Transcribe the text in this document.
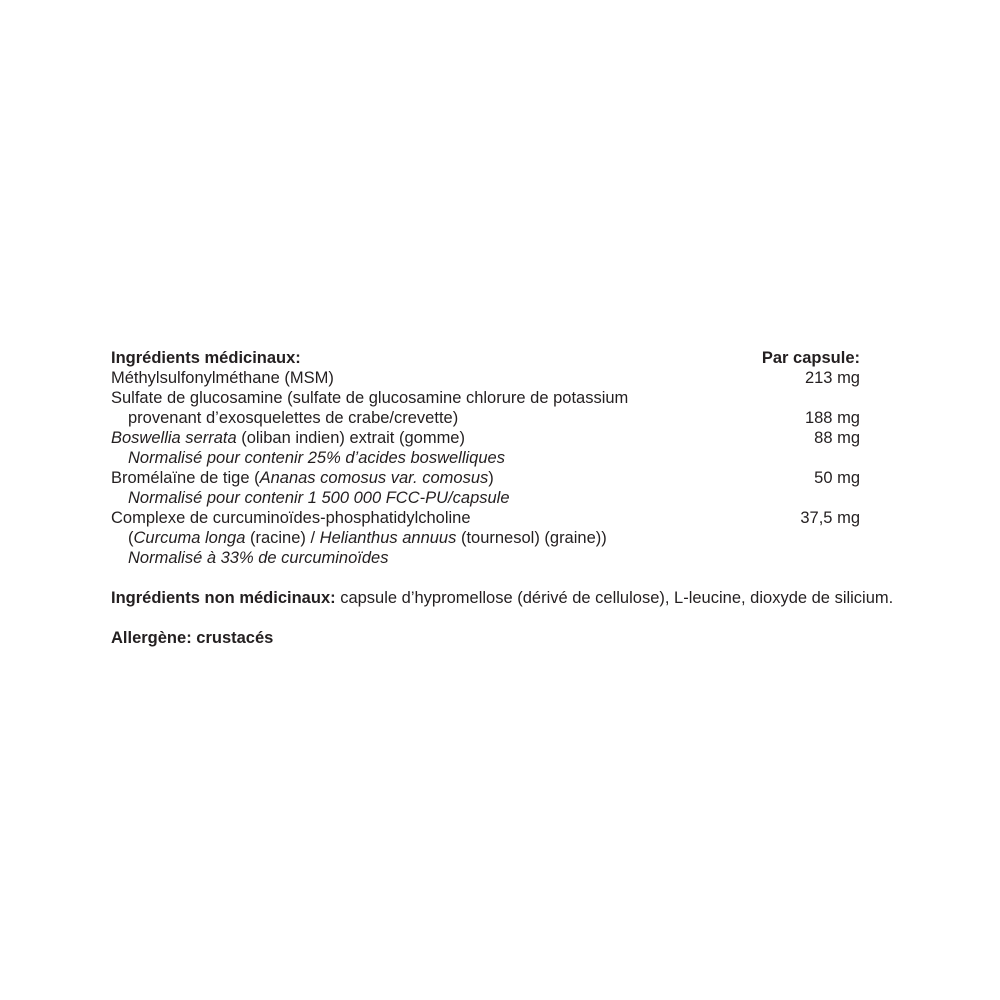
Ingrédients médicinaux:	Par capsule:
Méthylsulfonylméthane (MSM)	213 mg
Sulfate de glucosamine (sulfate de glucosamine chlorure de potassium
provenant d’exosquelettes de crabe/crevette)	188 mg
Boswellia serrata (oliban indien) extrait (gomme)	88 mg
Normalisé pour contenir 25% d’acides boswelliques
Bromélaïne de tige (Ananas comosus var. comosus)	50 mg
Normalisé pour contenir 1 500 000 FCC-PU/capsule
Complexe de curcuminoïdes-phosphatidylcholine	37,5 mg
(Curcuma longa (racine) / Helianthus annuus (tournesol) (graine))
Normalisé à 33% de curcuminoïdes
Ingrédients non médicinaux: capsule d’hypromellose (dérivé de cellulose), L-leucine, dioxyde de silicium.
Allergène: crustacés
